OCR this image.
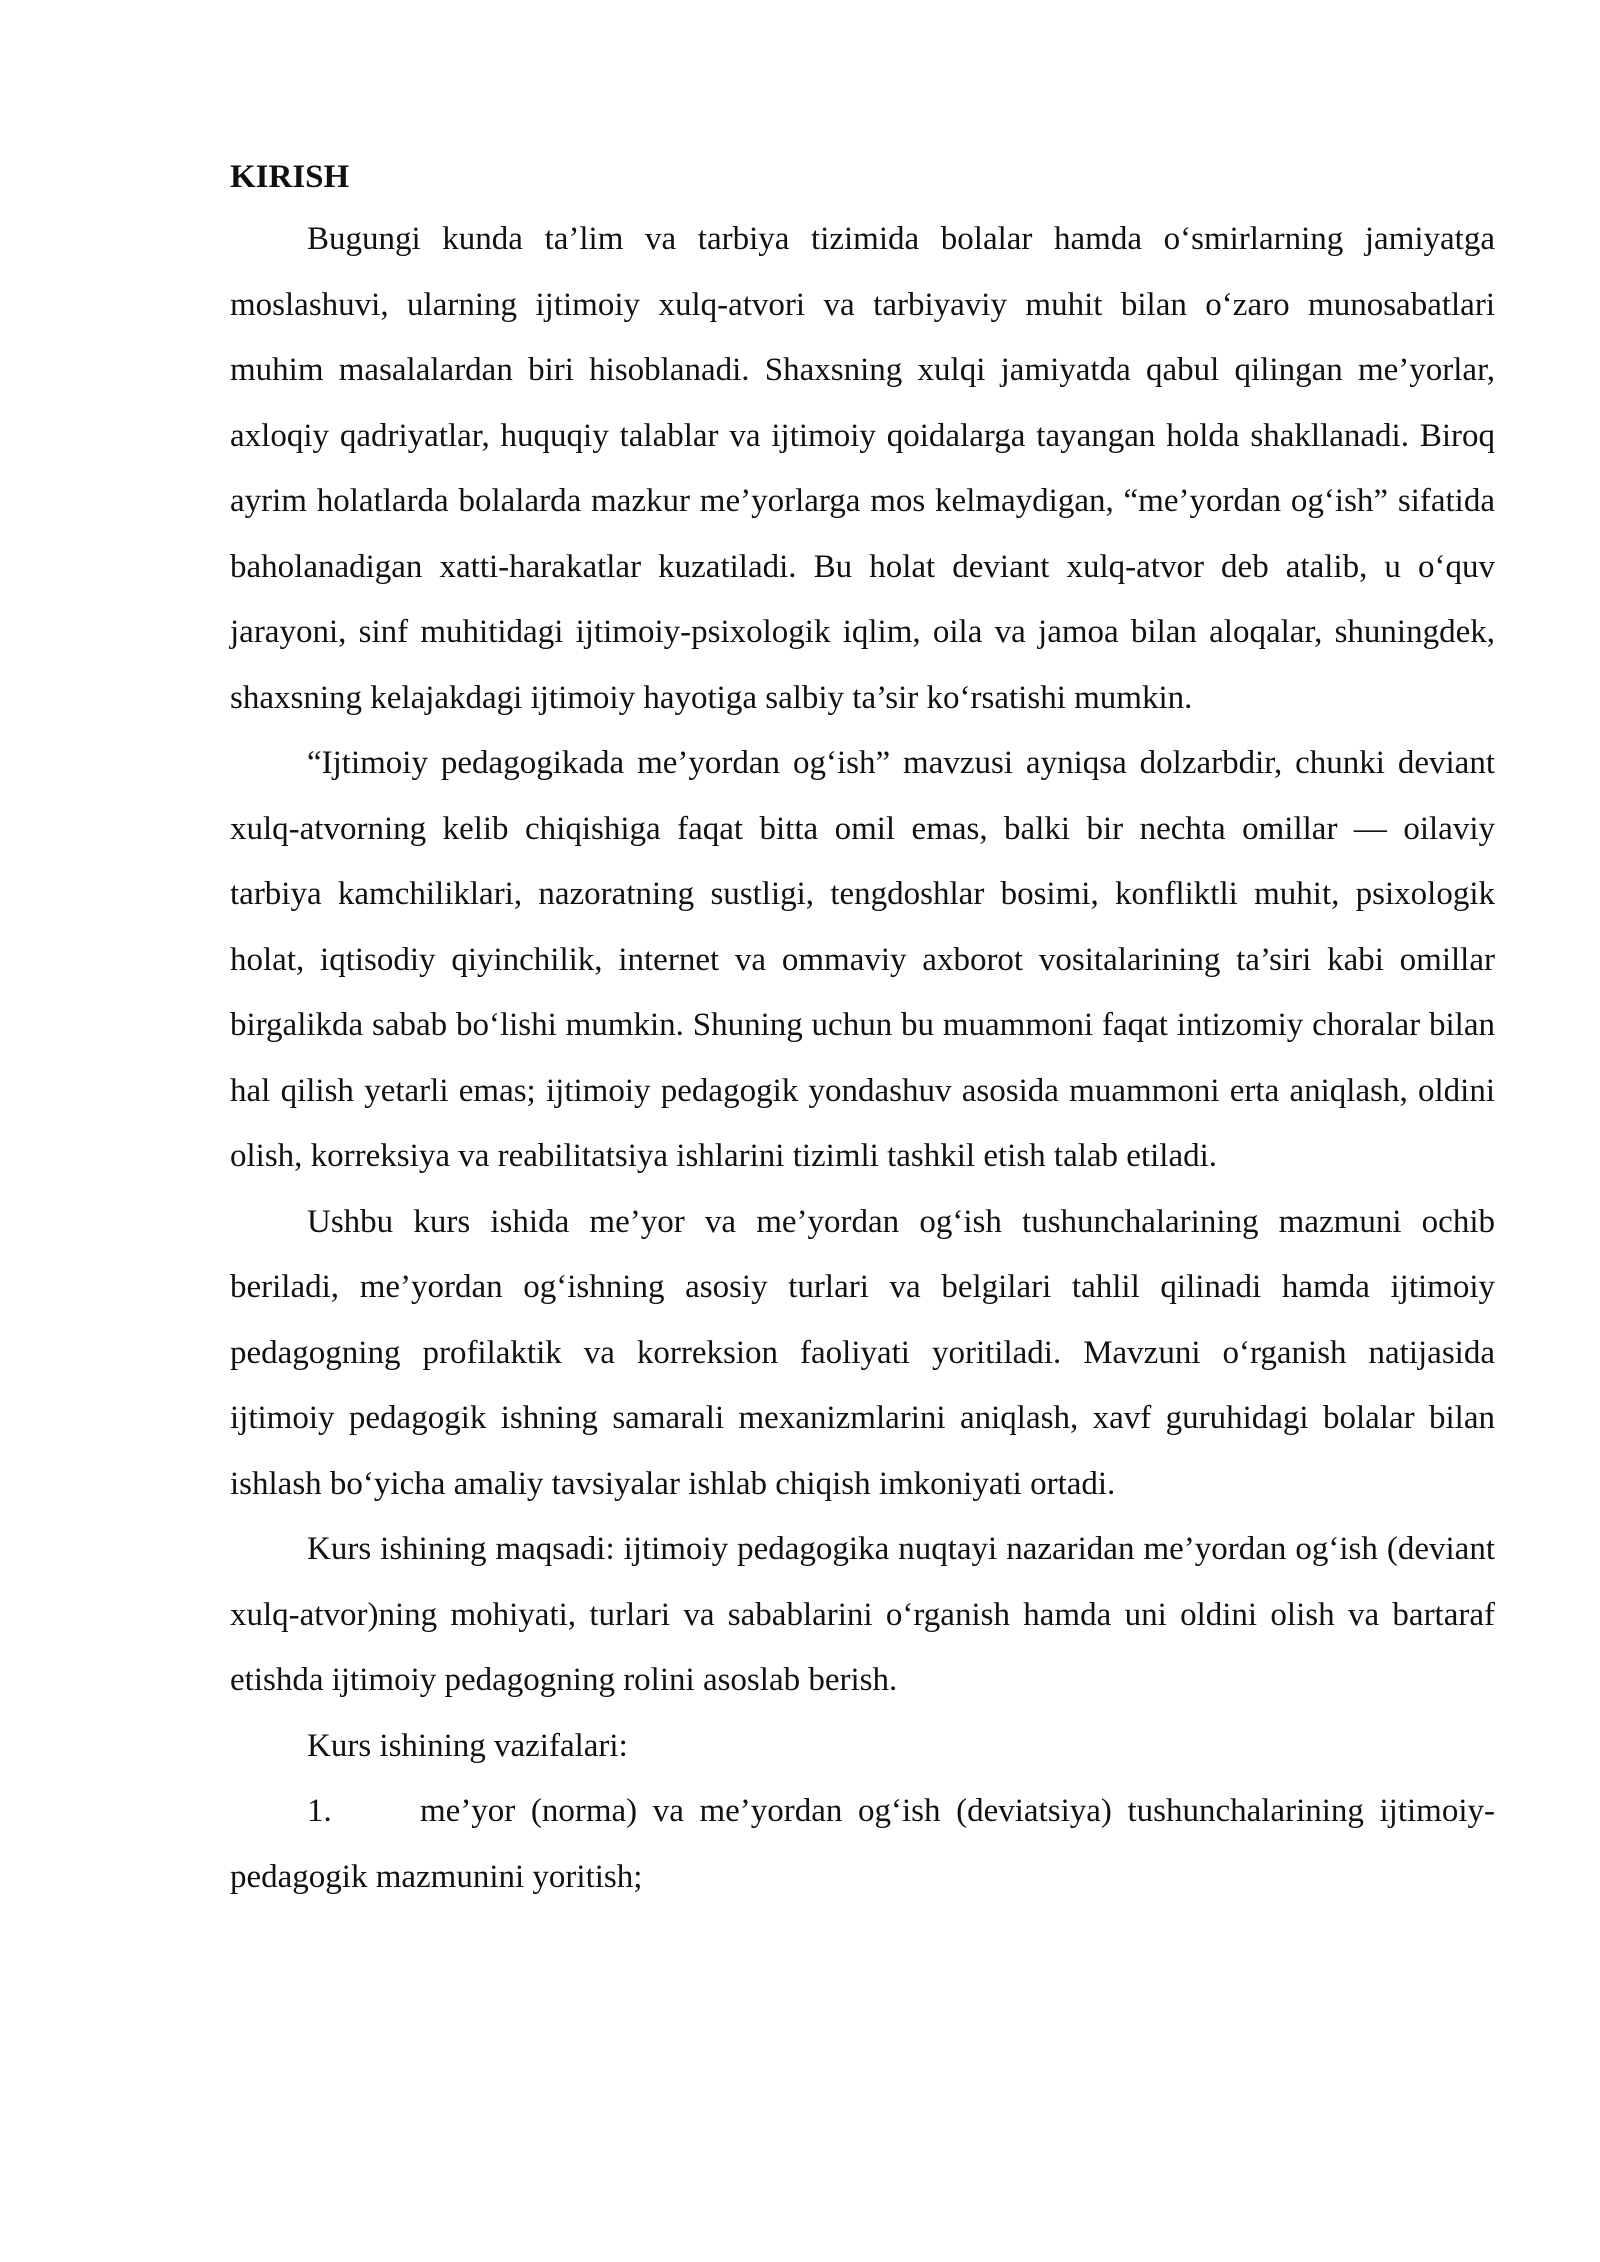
KIRISH

Bugungi kunda ta’lim va tarbiya tizimida bolalar hamda o‘smirlarning jamiyatga moslashuvi, ularning ijtimoiy xulq-atvori va tarbiyaviy muhit bilan o‘zaro munosabatlari muhim masalalardan biri hisoblanadi. Shaxsning xulqi jamiyatda qabul qilingan me’yorlar, axloqiy qadriyatlar, huquqiy talablar va ijtimoiy qoidalarga tayangan holda shakllanadi. Biroq ayrim holatlarda bolalarda mazkur me’yorlarga mos kelmaydigan, “me’yordan og‘ish” sifatida baholanadigan xatti-harakatlar kuzatiladi. Bu holat deviant xulq-atvor deb atalib, u o‘quv jarayoni, sinf muhitidagi ijtimoiy-psixologik iqlim, oila va jamoa bilan aloqalar, shuningdek, shaxsning kelajakdagi ijtimoiy hayotiga salbiy ta’sir ko‘rsatishi mumkin.

“Ijtimoiy pedagogikada me’yordan og‘ish” mavzusi ayniqsa dolzarbdir, chunki deviant xulq-atvorning kelib chiqishiga faqat bitta omil emas, balki bir nechta omillar — oilaviy tarbiya kamchiliklari, nazoratning sustligi, tengdoshlar bosimi, konfliktli muhit, psixologik holat, iqtisodiy qiyinchilik, internet va ommaviy axborot vositalarining ta’siri kabi omillar birgalikda sabab bo‘lishi mumkin. Shuning uchun bu muammoni faqat intizomiy choralar bilan hal qilish yetarli emas; ijtimoiy pedagogik yondashuv asosida muammoni erta aniqlash, oldini olish, korreksiya va reabilitatsiya ishlarini tizimli tashkil etish talab etiladi.

Ushbu kurs ishida me’yor va me’yordan og‘ish tushunchalarining mazmuni ochib beriladi, me’yordan og‘ishning asosiy turlari va belgilari tahlil qilinadi hamda ijtimoiy pedagogning profilaktik va korreksion faoliyati yoritiladi. Mavzuni o‘rganish natijasida ijtimoiy pedagogik ishning samarali mexanizmlarini aniqlash, xavf guruhidagi bolalar bilan ishlash bo‘yicha amaliy tavsiyalar ishlab chiqish imkoniyati ortadi.

Kurs ishining maqsadi: ijtimoiy pedagogika nuqtayi nazaridan me’yordan og‘ish (deviant xulq-atvor)ning mohiyati, turlari va sabablarini o‘rganish hamda uni oldini olish va bartaraf etishda ijtimoiy pedagogning rolini asoslab berish.

Kurs ishining vazifalari:

1.	me’yor (norma) va me’yordan og‘ish (deviatsiya) tushunchalarining ijtimoiy-pedagogik mazmunini yoritish;
